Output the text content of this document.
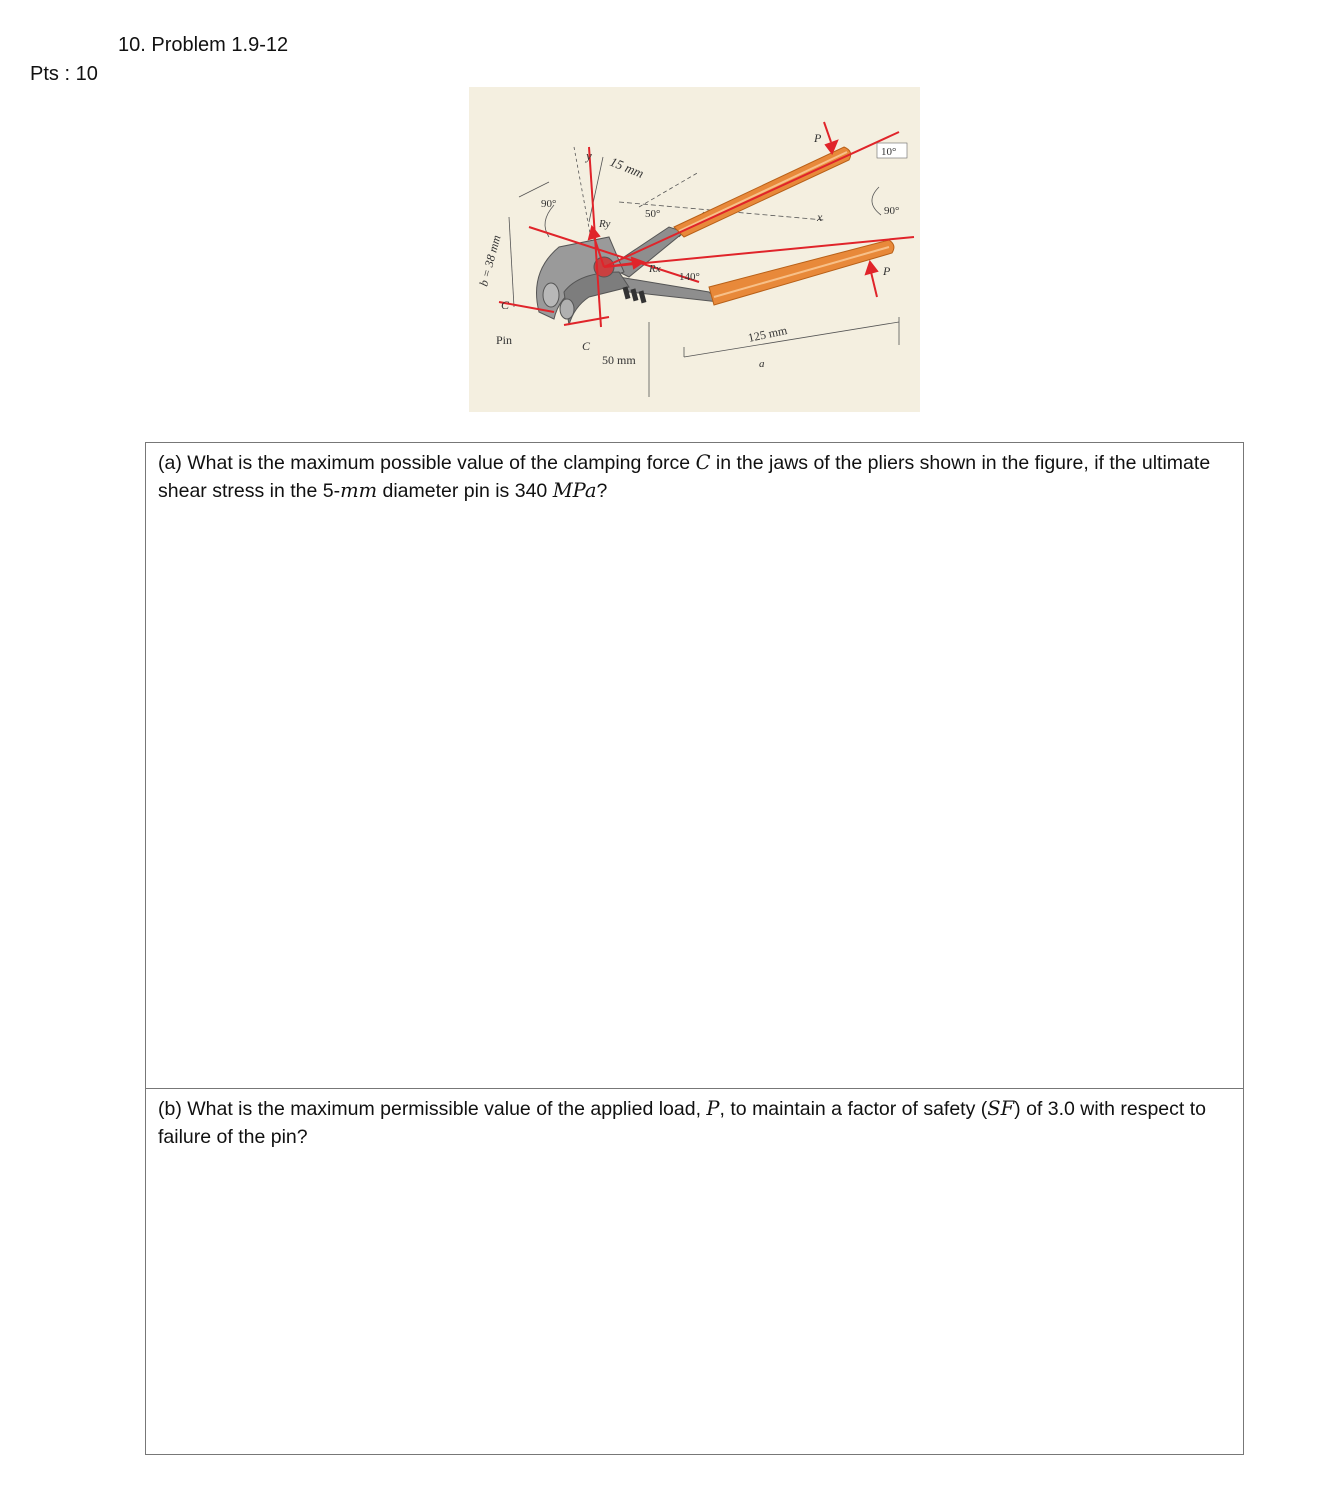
10. Problem 1.9-12
Pts : 10
y 15 mm
90°
50°
Ry
Rx
140°
b = 38 mm
C
Pin	C
50 mm
125 mm
a
x
P
P
10°
90°

(a) What is the maximum possible value of the clamping force C in the jaws of the pliers shown in the figure, if the ultimate shear stress in the 5-mm diameter pin is 340 MPa?

(b) What is the maximum permissible value of the applied load, P, to maintain a factor of safety (SF) of 3.0 with respect to failure of the pin?
